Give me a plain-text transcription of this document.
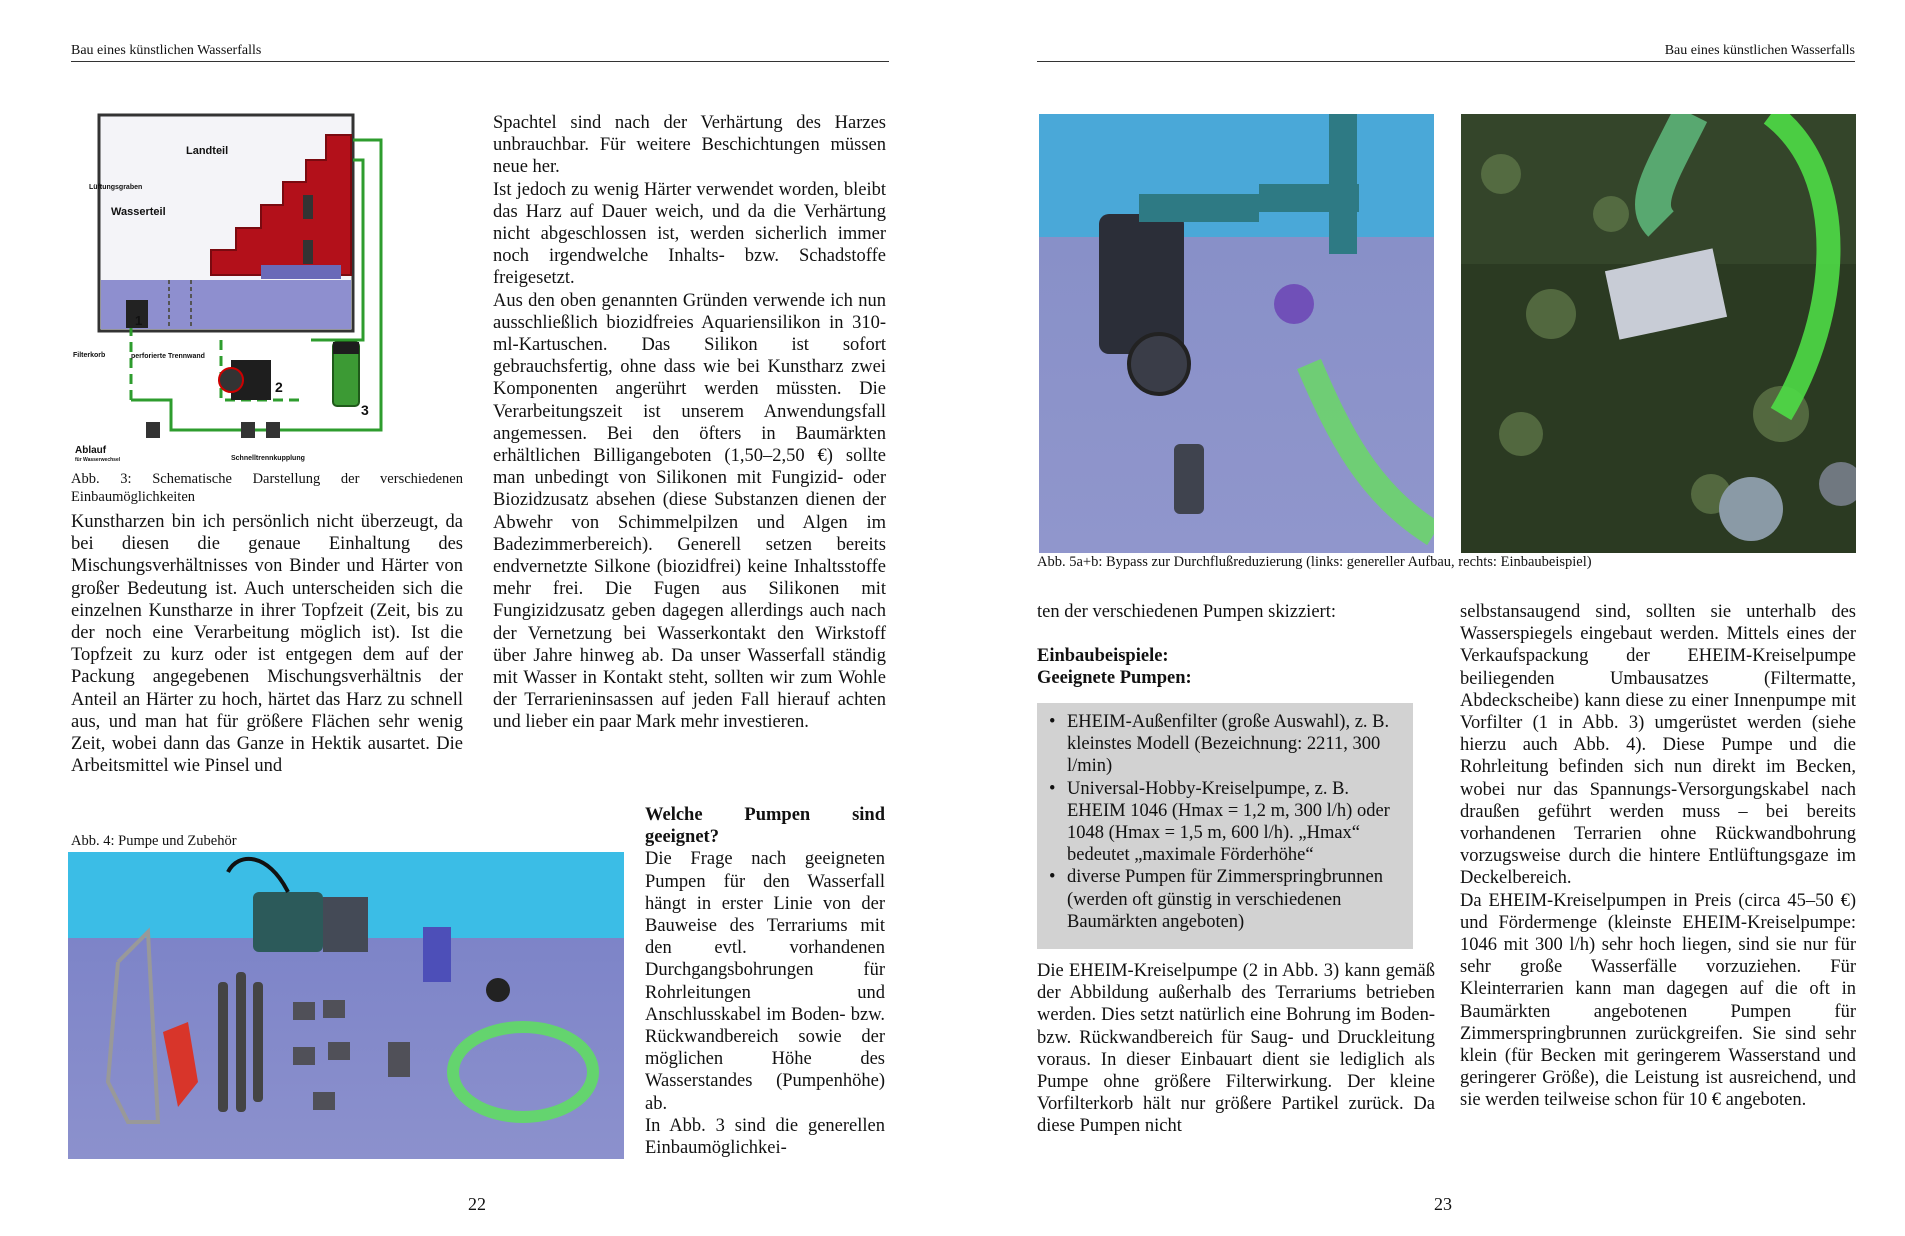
Bau eines künstlichen Wasserfalls
Landteil
Lüftungsgraben
Wasserteil
Filterkorb	perforierte Trennwand
Ablauf
für Wasserwechsel	Schnelltrennkupplung
1
2
3
Abb. 3: Schematische Darstellung der verschiedenen Einbaumöglichkeiten

Kunstharzen bin ich persönlich nicht überzeugt, da bei diesen die genaue Einhaltung des Mischungsverhältnisses von Binder und Härter von großer Bedeutung ist. Auch unterscheiden sich die einzelnen Kunstharze in ihrer Topfzeit (Zeit, bis zu der noch eine Verarbeitung möglich ist). Ist die Topfzeit zu kurz oder ist entgegen dem auf der Packung angegebenen Mischungsverhältnis der Anteil an Härter zu hoch, härtet das Harz zu schnell aus, und man hat für größere Flächen sehr wenig Zeit, wobei dann das Ganze in Hektik ausartet. Die Arbeitsmittel wie Pinsel und

Spachtel sind nach der Verhärtung des Harzes unbrauchbar. Für weitere Beschichtungen müssen neue her.

Ist jedoch zu wenig Härter verwendet worden, bleibt das Harz auf Dauer weich, und da die Verhärtung nicht abgeschlossen ist, werden sicherlich immer noch irgendwelche Inhalts- bzw. Schadstoffe freigesetzt.

Aus den oben genannten Gründen verwende ich nun ausschließlich biozidfreies Aquariensilikon in 310-ml-Kartuschen. Das Silikon ist sofort gebrauchsfertig, ohne dass wie bei Kunstharz zwei Komponenten angerührt werden müssten. Die Verarbeitungszeit ist unserem Anwendungsfall angemessen. Bei den öfters in Baumärkten erhältlichen Billigangeboten (1,50–2,50 €) sollte man unbedingt von Silikonen mit Fungizid- oder Biozidzusatz absehen (diese Substanzen dienen der Abwehr von Schimmelpilzen und Algen im Badezimmerbereich). Generell setzen bereits endvernetzte Silkone (biozidfrei) keine Inhaltsstoffe mehr frei. Die Fugen aus Silikonen mit Fungizidzusatz geben dagegen allerdings auch nach der Vernetzung bei Wasserkontakt den Wirkstoff über Jahre hinweg ab. Da unser Wasserfall ständig mit Wasser in Kontakt steht, sollten wir zum Wohle der Terrarieninsassen auf jeden Fall hierauf achten und lieber ein paar Mark mehr investieren.

Abb. 4: Pumpe und Zubehör

Welche Pumpen sind geeignet?

Die Frage nach geeigneten Pumpen für den Wasserfall hängt in erster Linie von der Bauweise des Terrariums mit den evtl. vorhandenen Durchgangsbohrungen für Rohrleitungen und Anschlusskabel im Boden- bzw. Rückwandbereich sowie der möglichen Höhe des Wasserstandes (Pumpenhöhe) ab.

In Abb. 3 sind die generellen Einbaumöglichkei-

22
Bau eines künstlichen Wasserfalls
Abb. 5a+b: Bypass zur Durchflußreduzierung (links: genereller Aufbau, rechts: Einbaubeispiel)

ten der verschiedenen Pumpen skizziert:

Einbaubeispiele:

Geeignete Pumpen:

• EHEIM-Außenfilter (große Auswahl), z. B. kleinstes Modell (Bezeichnung: 2211, 300 l/min)
• Universal-Hobby-Kreiselpumpe, z. B. EHEIM 1046 (Hmax = 1,2 m, 300 l/h) oder 1048 (Hmax = 1,5 m, 600 l/h). „Hmax“ bedeutet „maximale Förderhöhe“
• diverse Pumpen für Zimmerspringbrunnen (werden oft günstig in verschiedenen Baumärkten angeboten)

Die EHEIM-Kreiselpumpe (2 in Abb. 3) kann gemäß der Abbildung außerhalb des Terrariums betrieben werden. Dies setzt natürlich eine Bohrung im Boden- bzw. Rückwandbereich für Saug- und Druckleitung voraus. In dieser Einbauart dient sie lediglich als Pumpe ohne größere Filterwirkung. Der kleine Vorfilterkorb hält nur größere Partikel zurück. Da diese Pumpen nicht

selbstansaugend sind, sollten sie unterhalb des Wasserspiegels eingebaut werden. Mittels eines der Verkaufspackung der EHEIM-Kreiselpumpe beiliegenden Umbausatzes (Filtermatte, Abdeckscheibe) kann diese zu einer Innenpumpe mit Vorfilter (1 in Abb. 3) umgerüstet werden (siehe hierzu auch Abb. 4). Diese Pumpe und die Rohrleitung befinden sich nun direkt im Becken, wobei nur das Spannungs-Versorgungskabel nach draußen geführt werden muss – bei bereits vorhandenen Terrarien ohne Rückwandbohrung vorzugsweise durch die hintere Entlüftungsgaze im Deckelbereich.

Da EHEIM-Kreiselpumpen in Preis (circa 45–50 €) und Fördermenge (kleinste EHEIM-Kreiselpumpe: 1046 mit 300 l/h) sehr hoch liegen, sind sie nur für sehr große Wasserfälle vorzuziehen. Für Kleinterrarien kann man dagegen auf die oft in Baumärkten angebotenen Pumpen für Zimmerspringbrunnen zurückgreifen. Sie sind sehr klein (für Becken mit geringerem Wasserstand und geringerer Größe), die Leistung ist ausreichend, und sie werden teilweise schon für 10 € angeboten.

23
